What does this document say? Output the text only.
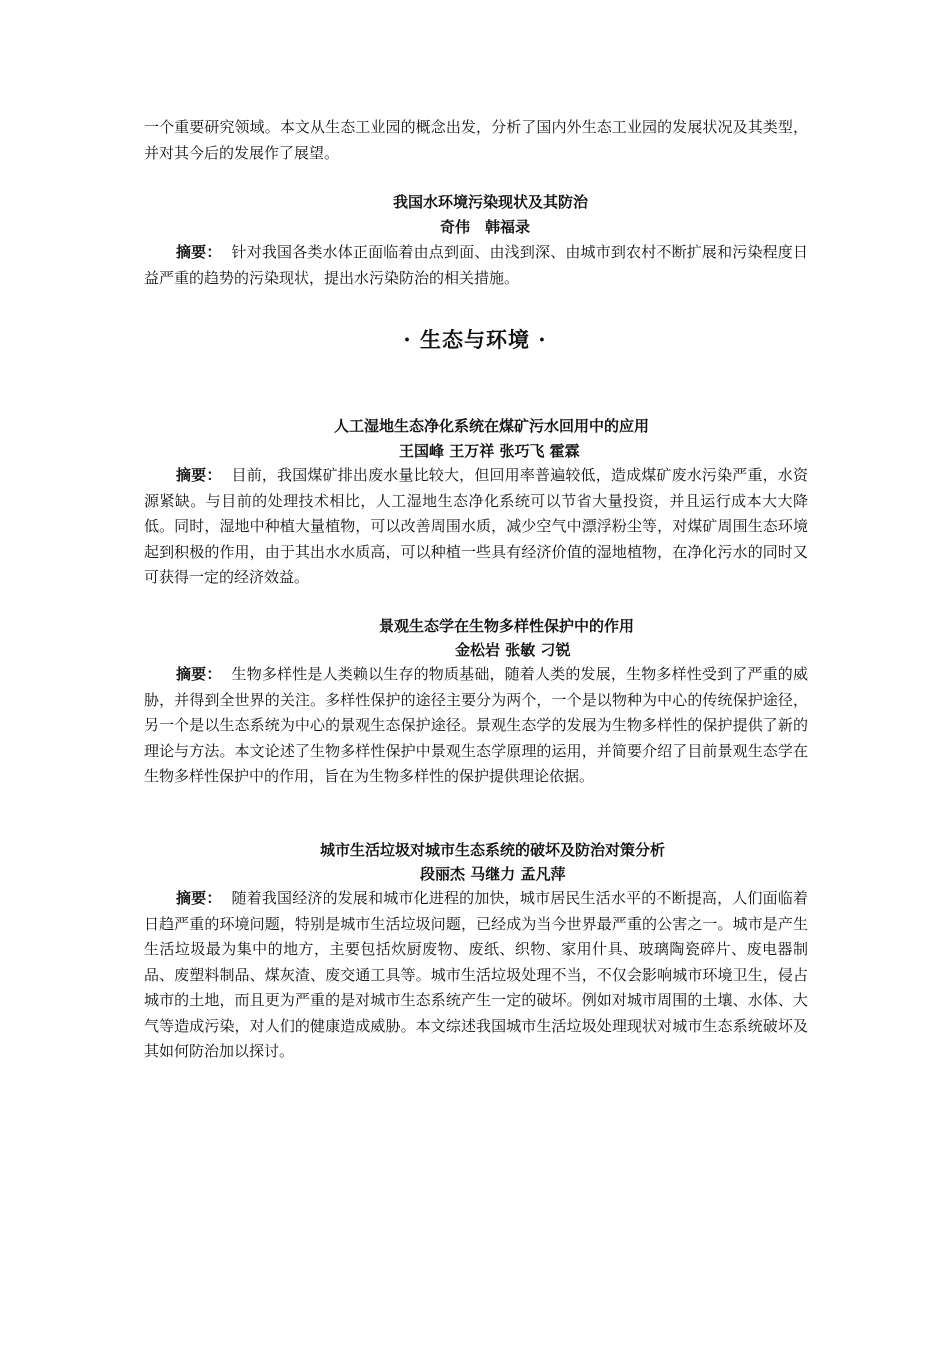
一个重要研究领域。本文从生态工业园的概念出发，分析了国内外生态工业园的发展状况及其类型，并对其今后的发展作了展望。

我国水环境污染现状及其防治
奇伟　韩福录

摘要： 针对我国各类水体正面临着由点到面、由浅到深、由城市到农村不断扩展和污染程度日益严重的趋势的污染现状，提出水污染防治的相关措施。

· 生态与环境 ·
人工湿地生态净化系统在煤矿污水回用中的应用
王国峰 王万祥 张巧飞 霍霖

摘要： 目前，我国煤矿排出废水量比较大，但回用率普遍较低，造成煤矿废水污染严重，水资源紧缺。与目前的处理技术相比，人工湿地生态净化系统可以节省大量投资，并且运行成本大大降低。同时，湿地中种植大量植物，可以改善周围水质，减少空气中漂浮粉尘等，对煤矿周围生态环境起到积极的作用，由于其出水水质高，可以种植一些具有经济价值的湿地植物，在净化污水的同时又可获得一定的经济效益。

景观生态学在生物多样性保护中的作用
金松岩 张敏 刁锐

摘要： 生物多样性是人类赖以生存的物质基础，随着人类的发展，生物多样性受到了严重的威胁，并得到全世界的关注。多样性保护的途径主要分为两个，一个是以物种为中心的传统保护途径，另一个是以生态系统为中心的景观生态保护途径。景观生态学的发展为生物多样性的保护提供了新的理论与方法。本文论述了生物多样性保护中景观生态学原理的运用，并简要介绍了目前景观生态学在生物多样性保护中的作用，旨在为生物多样性的保护提供理论依据。

城市生活垃圾对城市生态系统的破坏及防治对策分析
段丽杰 马继力 孟凡萍

摘要： 随着我国经济的发展和城市化进程的加快，城市居民生活水平的不断提高，人们面临着日趋严重的环境问题，特别是城市生活垃圾问题，已经成为当今世界最严重的公害之一。城市是产生生活垃圾最为集中的地方，主要包括炊厨废物、废纸、织物、家用什具、玻璃陶瓷碎片、废电器制品、废塑料制品、煤灰渣、废交通工具等。城市生活垃圾处理不当，不仅会影响城市环境卫生，侵占城市的土地，而且更为严重的是对城市生态系统产生一定的破坏。例如对城市周围的土壤、水体、大气等造成污染，对人们的健康造成威胁。本文综述我国城市生活垃圾处理现状对城市生态系统破坏及其如何防治加以探讨。
